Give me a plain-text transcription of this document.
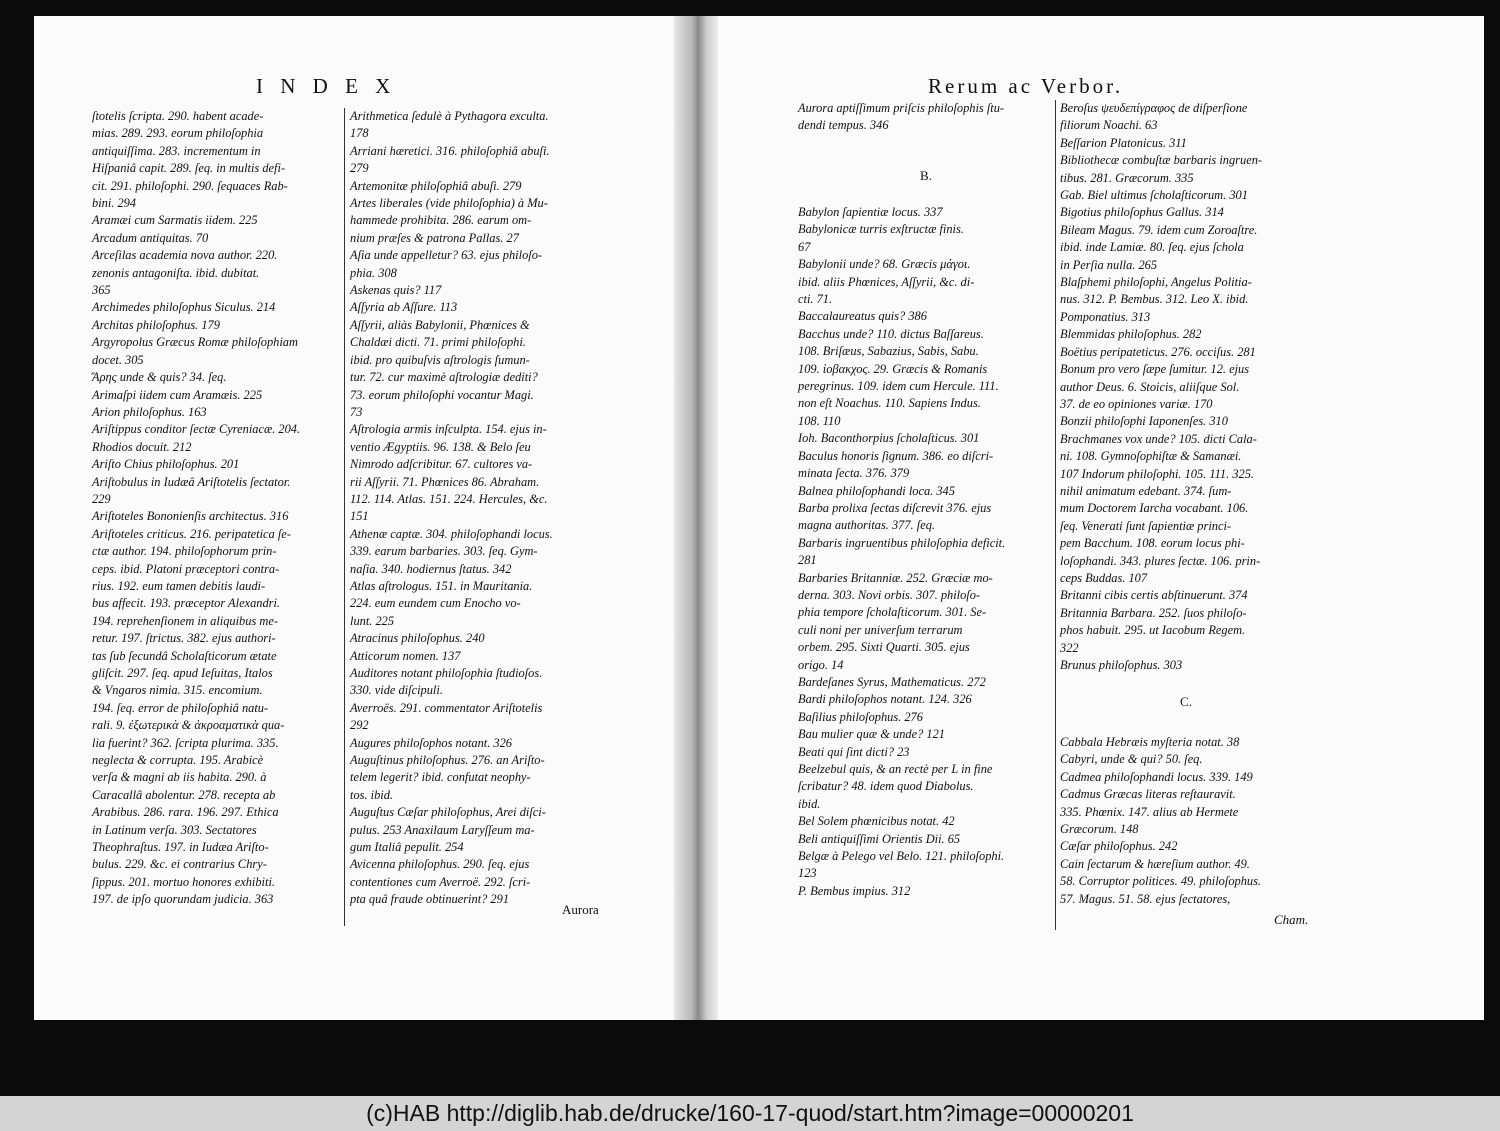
I N D E X
ſtotelis ſcripta. 290. habent acade-
mias. 289. 293. eorum philoſophia
antiquiſſima. 283. incrementum in
Hiſpaniâ capit. 289. ſeq. in multis defi-
cit. 291. philoſophi. 290. ſequaces Rab-
bini. 294
Aramæi cum Sarmatis iidem. 225
Arcadum antiquitas. 70
Arceſilas academia nova author. 220.
zenonis antagoniſta. ibid. dubitat.
365
Archimedes philoſophus Siculus. 214
Architas philoſophus. 179
Argyropolus Græcus Romæ philoſophiam
docet. 305
Ἄρης unde & quis? 34. ſeq.
Arimaſpi iidem cum Aramæis. 225
Arion philoſophus. 163
Ariſtippus conditor ſectæ Cyreniacæ. 204.
Rhodios docuit. 212
Ariſto Chius philoſophus. 201
Ariſtobulus in Iudæâ Ariſtotelis ſectator.
229
Ariſtoteles Bononienſis architectus. 316
Ariſtoteles criticus. 216. peripatetica ſe-
ctæ author. 194. philoſophorum prin-
ceps. ibid. Platoni præceptori contra-
rius. 192. eum tamen debitis laudi-
bus affecit. 193. præceptor Alexandri.
194. reprehenſionem in aliquibus me-
retur. 197. ſtrictus. 382. ejus authori-
tas ſub ſecundâ Scholaſticorum ætate
gliſcit. 297. ſeq. apud Ieſuitas, Italos
& Vngaros nimia. 315. encomium.
194. ſeq. error de philoſophiâ natu-
rali. 9. ἐξωτερικὰ & ἀκροαματικὰ qua-
lia fuerint? 362. ſcripta plurima. 335.
neglecta & corrupta. 195. Arabicè
verſa & magni ab iis habita. 290. à
Caracallâ abolentur. 278. recepta ab
Arabibus. 286. rara. 196. 297. Ethica
in Latinum verſa. 303. Sectatores
Theophraſtus. 197. in Iudæa Ariſto-
bulus. 229. &c. ei contrarius Chry-
ſippus. 201. mortuo honores exhibiti.
197. de ipſo quorundam judicia. 363
Arithmetica ſedulè à Pythagora exculta.
178
Arriani hæretici. 316. philoſophiâ abuſi.
279
Artemonitæ philoſophiâ abuſi. 279
Artes liberales (vide philoſophia) à Mu-
hammede prohibita. 286. earum om-
nium præſes & patrona Pallas. 27
Aſia unde appelletur? 63. ejus philoſo-
phia. 308
Askenas quis? 117
Aſſyria ab Aſſure. 113
Aſſyrii, aliàs Babylonii, Phœnices &
Chaldæi dicti. 71. primi philoſophi.
ibid. pro quibuſvis aſtrologis ſumun-
tur. 72. cur maximè aſtrologiæ dediti?
73. eorum philoſophi vocantur Magi.
73
Aſtrologia armis inſculpta. 154. ejus in-
ventio Ægyptiis. 96. 138. & Belo ſeu
Nimrodo adſcribitur. 67. cultores va-
rii Aſſyrii. 71. Phœnices 86. Abraham.
112. 114. Atlas. 151. 224. Hercules, &c.
151
Athenæ captæ. 304. philoſophandi locus.
339. earum barbaries. 303. ſeq. Gym-
naſia. 340. hodiernus ſtatus. 342
Atlas aſtrologus. 151. in Mauritania.
224. eum eundem cum Enocho vo-
lunt. 225
Atracinus philoſophus. 240
Atticorum nomen. 137
Auditores notant philoſophia ſtudioſos.
330. vide diſcipuli.
Averroës. 291. commentator Ariſtotelis
292
Augures philoſophos notant. 326
Auguſtinus philoſophus. 276. an Ariſto-
telem legerit? ibid. confutat neophy-
tos. ibid.
Auguſtus Cæſar philoſophus, Arei diſci-
pulus. 253 Anaxilaum Laryſſeum ma-
gum Italiâ pepulit. 254
Avicenna philoſophus. 290. ſeq. ejus
contentiones cum Averroë. 292. ſcri-
pta quâ fraude obtinuerint? 291
Aurora
Rerum ac Verbor.
Aurora aptiſſimum priſcis philoſophis ſtu-
dendi tempus. 346
B.
Babylon ſapientiæ locus. 337
Babylonicæ turris exſtructæ finis.
67
Babylonii unde? 68. Græcis μάγοι.
ibid. aliis Phœnices, Aſſyrii, &c. di-
cti. 71.
Baccalaureatus quis? 386
Bacchus unde? 110. dictus Baſſareus.
108. Briſæus, Sabazius, Sabis, Sabu.
109. ἰοβακχος. 29. Græcis & Romanis
peregrinus. 109. idem cum Hercule. 111.
non eſt Noachus. 110. Sapiens Indus.
108. 110
Ioh. Baconthorpius ſcholaſticus. 301
Baculus honoris ſignum. 386. eo diſcri-
minata ſecta. 376. 379
Balnea philoſophandi loca. 345
Barba prolixa ſectas diſcrevit 376. ejus
magna authoritas. 377. ſeq.
Barbaris ingruentibus philoſophia deficit.
281
Barbaries Britanniæ. 252. Græciæ mo-
derna. 303. Novi orbis. 307. philoſo-
phia tempore ſcholaſticorum. 301. Se-
culi noni per univerſum terrarum
orbem. 295. Sixti Quarti. 305. ejus
origo. 14
Bardeſanes Syrus, Mathematicus. 272
Bardi philoſophos notant. 124. 326
Baſilius philoſophus. 276
Bau mulier quæ & unde? 121
Beati qui ſint dicti? 23
Beelzebul quis, & an rectè per L in fine
ſcribatur? 48. idem quod Diabolus.
ibid.
Bel Solem phœnicibus notat. 42
Beli antiquiſſimi Orientis Dii. 65
Belgæ à Pelego vel Belo. 121. philoſophi.
123
P. Bembus impius. 312
Beroſus ψευδεπίγραφος de diſperſione
filiorum Noachi. 63
Beſſarion Platonicus. 311
Bibliothecæ combuſtæ barbaris ingruen-
tibus. 281. Græcorum. 335
Gab. Biel ultimus ſcholaſticorum. 301
Bigotius philoſophus Gallus. 314
Bileam Magus. 79. idem cum Zoroaſtre.
ibid. inde Lamiæ. 80. ſeq. ejus ſchola
in Perſia nulla. 265
Blaſphemi philoſophi, Angelus Politia-
nus. 312. P. Bembus. 312. Leo X. ibid.
Pomponatius. 313
Blemmidas philoſophus. 282
Boëtius peripateticus. 276. occiſus. 281
Bonum pro vero ſæpe ſumitur. 12. ejus
author Deus. 6. Stoicis, aliiſque Sol.
37. de eo opiniones variæ. 170
Bonzii philoſophi Iaponenſes. 310
Brachmanes vox unde? 105. dicti Cala-
ni. 108. Gymnoſophiſtæ & Samanæi.
107 Indorum philoſophi. 105. 111. 325.
nihil animatum edebant. 374. ſum-
mum Doctorem Iarcha vocabant. 106.
ſeq. Venerati ſunt ſapientiæ princi-
pem Bacchum. 108. eorum locus phi-
loſophandi. 343. plures ſectæ. 106. prin-
ceps Buddas. 107
Britanni cibis certis abſtinuerunt. 374
Britannia Barbara. 252. ſuos philoſo-
phos habuit. 295. ut Iacobum Regem.
322
Brunus philoſophus. 303
C.
Cabbala Hebræis myſteria notat. 38
Cabyri, unde & qui? 50. ſeq.
Cadmea philoſophandi locus. 339. 149
Cadmus Græcas literas reſtauravit.
335. Phœnix. 147. alius ab Hermete
Græcorum. 148
Cæſar philoſophus. 242
Cain ſectarum & hæreſium author. 49.
58. Corruptor politices. 49. philoſophus.
57. Magus. 51. 58. ejus ſectatores,
Cham.
(c)HAB http://diglib.hab.de/drucke/160-17-quod/start.htm?image=00000201
